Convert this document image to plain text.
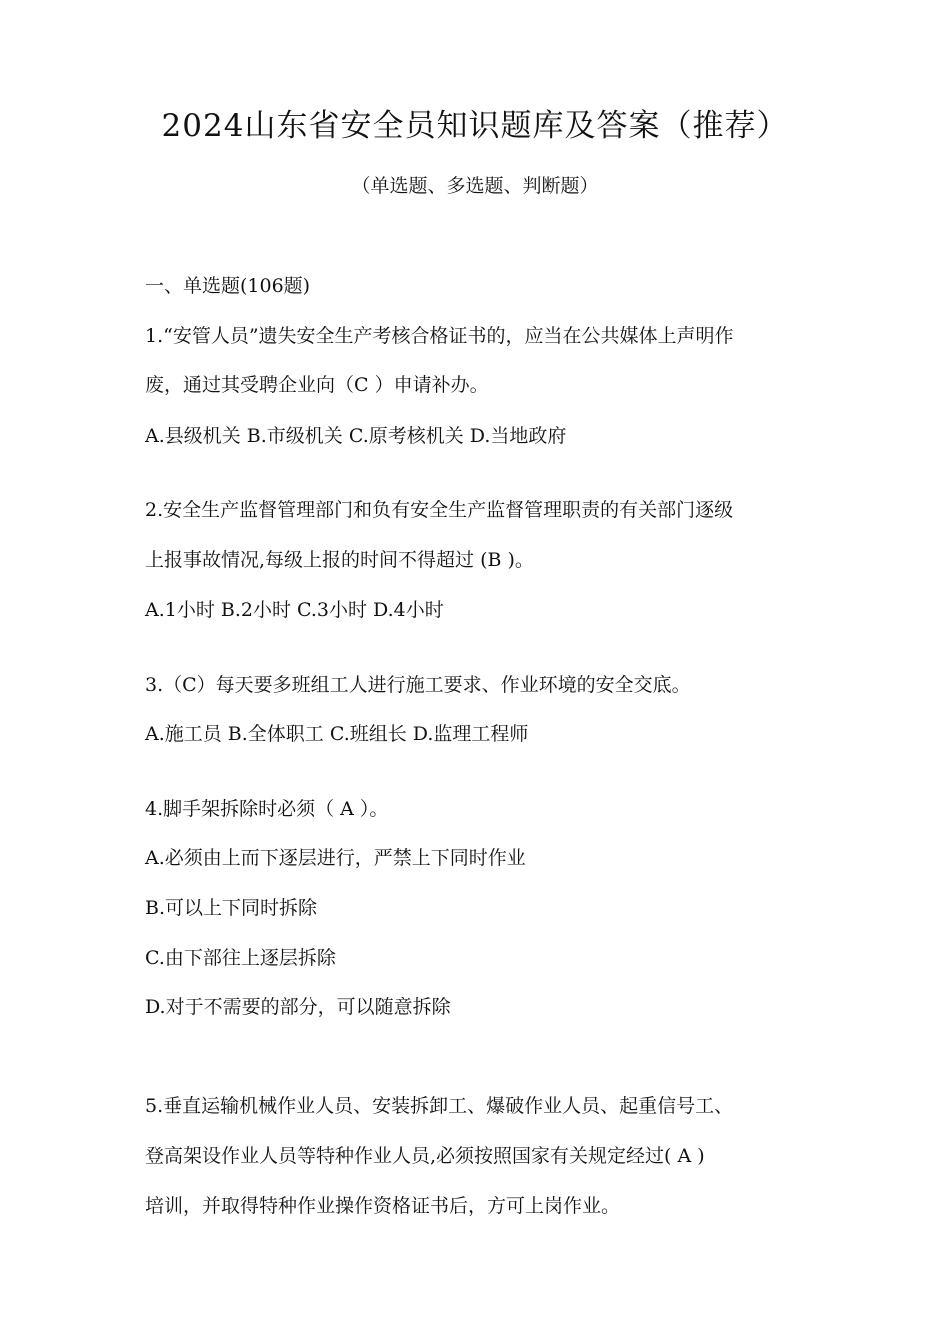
2024山东省安全员知识题库及答案（推荐）
（单选题、多选题、判断题）
一、单选题(106题)
1.“安管人员”遗失安全生产考核合格证书的，应当在公共媒体上声明作
废，通过其受聘企业向（C ）申请补办。
A.县级机关 B.市级机关 C.原考核机关 D.当地政府
2.安全生产监督管理部门和负有安全生产监督管理职责的有关部门逐级
上报事故情况,每级上报的时间不得超过 (B )。
A.1小时 B.2小时 C.3小时 D.4小时
3.（C）每天要多班组工人进行施工要求、作业环境的安全交底。
A.施工员 B.全体职工 C.班组长 D.监理工程师
4.脚手架拆除时必须（ A ）。
A.必须由上而下逐层进行，严禁上下同时作业
B.可以上下同时拆除
C.由下部往上逐层拆除
D.对于不需要的部分，可以随意拆除
5.垂直运输机械作业人员、安装拆卸工、爆破作业人员、起重信号工、
登高架设作业人员等特种作业人员,必须按照国家有关规定经过( A )
培训，并取得特种作业操作资格证书后，方可上岗作业。
